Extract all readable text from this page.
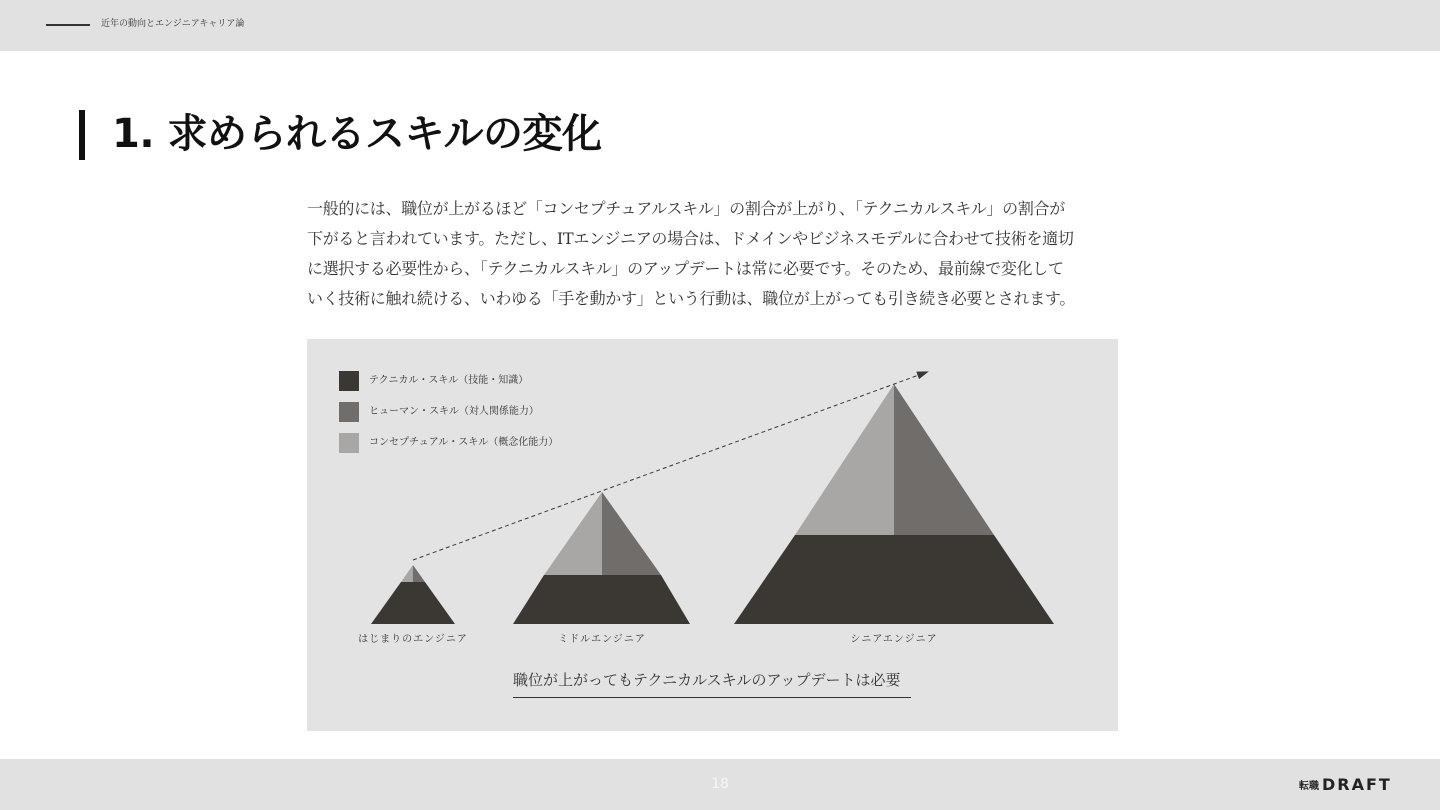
近年の動向とエンジニアキャリア論
1. 求められるスキルの変化
一般的には、職位が上がるほど「コンセプチュアルスキル」の割合が上がり、「テクニカルスキル」の割合が
下がると言われています。ただし、ITエンジニアの場合は、ドメインやビジネスモデルに合わせて技術を適切
に選択する必要性から、「テクニカルスキル」のアップデートは常に必要です。そのため、最前線で変化して
いく技術に触れ続ける、いわゆる「手を動かす」という行動は、職位が上がっても引き続き必要とされます。
テクニカル・スキル（技能・知識）
ヒューマン・スキル（対人関係能力）
コンセプチュアル・スキル（概念化能力）
はじまりのエンジニア	ミドルエンジニア	シニアエンジニア
職位が上がってもテクニカルスキルのアップデートは必要
18	転職 DRAFT
